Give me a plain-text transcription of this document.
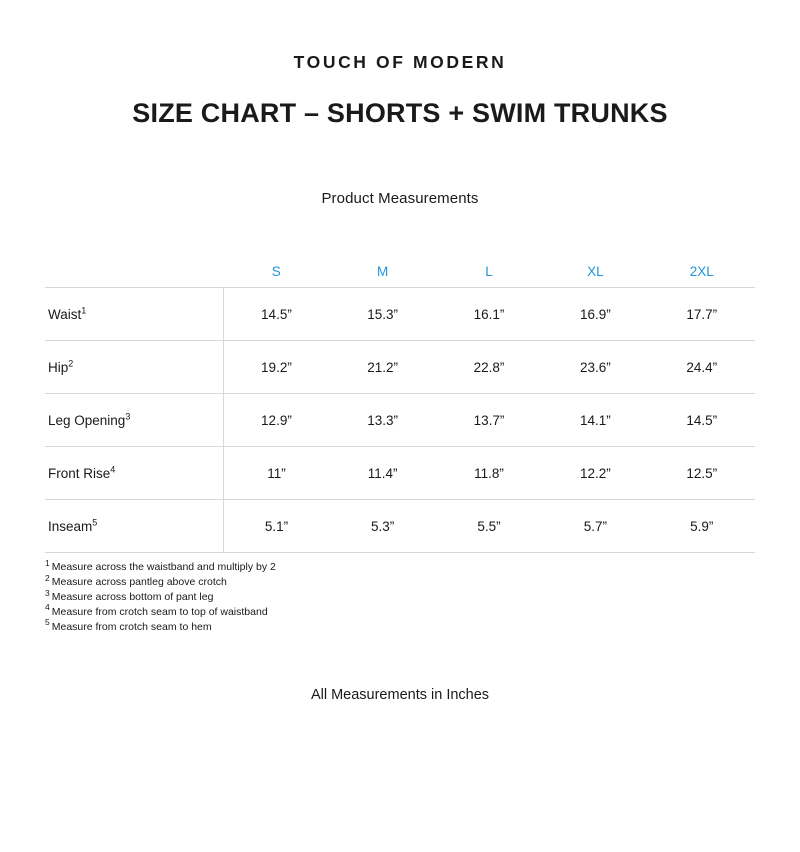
TOUCH OF MODERN
SIZE CHART – SHORTS + SWIM TRUNKS
Product Measurements
	S	M	L	XL	2XL
Waist$^1$	14.5”	15.3”	16.1”	16.9”	17.7”
Hip$^2$	19.2”	21.2”	22.8”	23.6”	24.4”
Leg Opening$^3$	12.9”	13.3”	13.7”	14.1”	14.5”
Front Rise$^4$	11”	11.4”	11.8”	12.2”	12.5”
Inseam$^5$	5.1”	5.3”	5.5”	5.7”	5.9”
$^1$ Measure across the waistband and multiply by 2
$^2$ Measure across pantleg above crotch
$^3$ Measure across bottom of pant leg
$^4$ Measure from crotch seam to top of waistband
$^5$ Measure from crotch seam to hem
All Measurements in Inches
